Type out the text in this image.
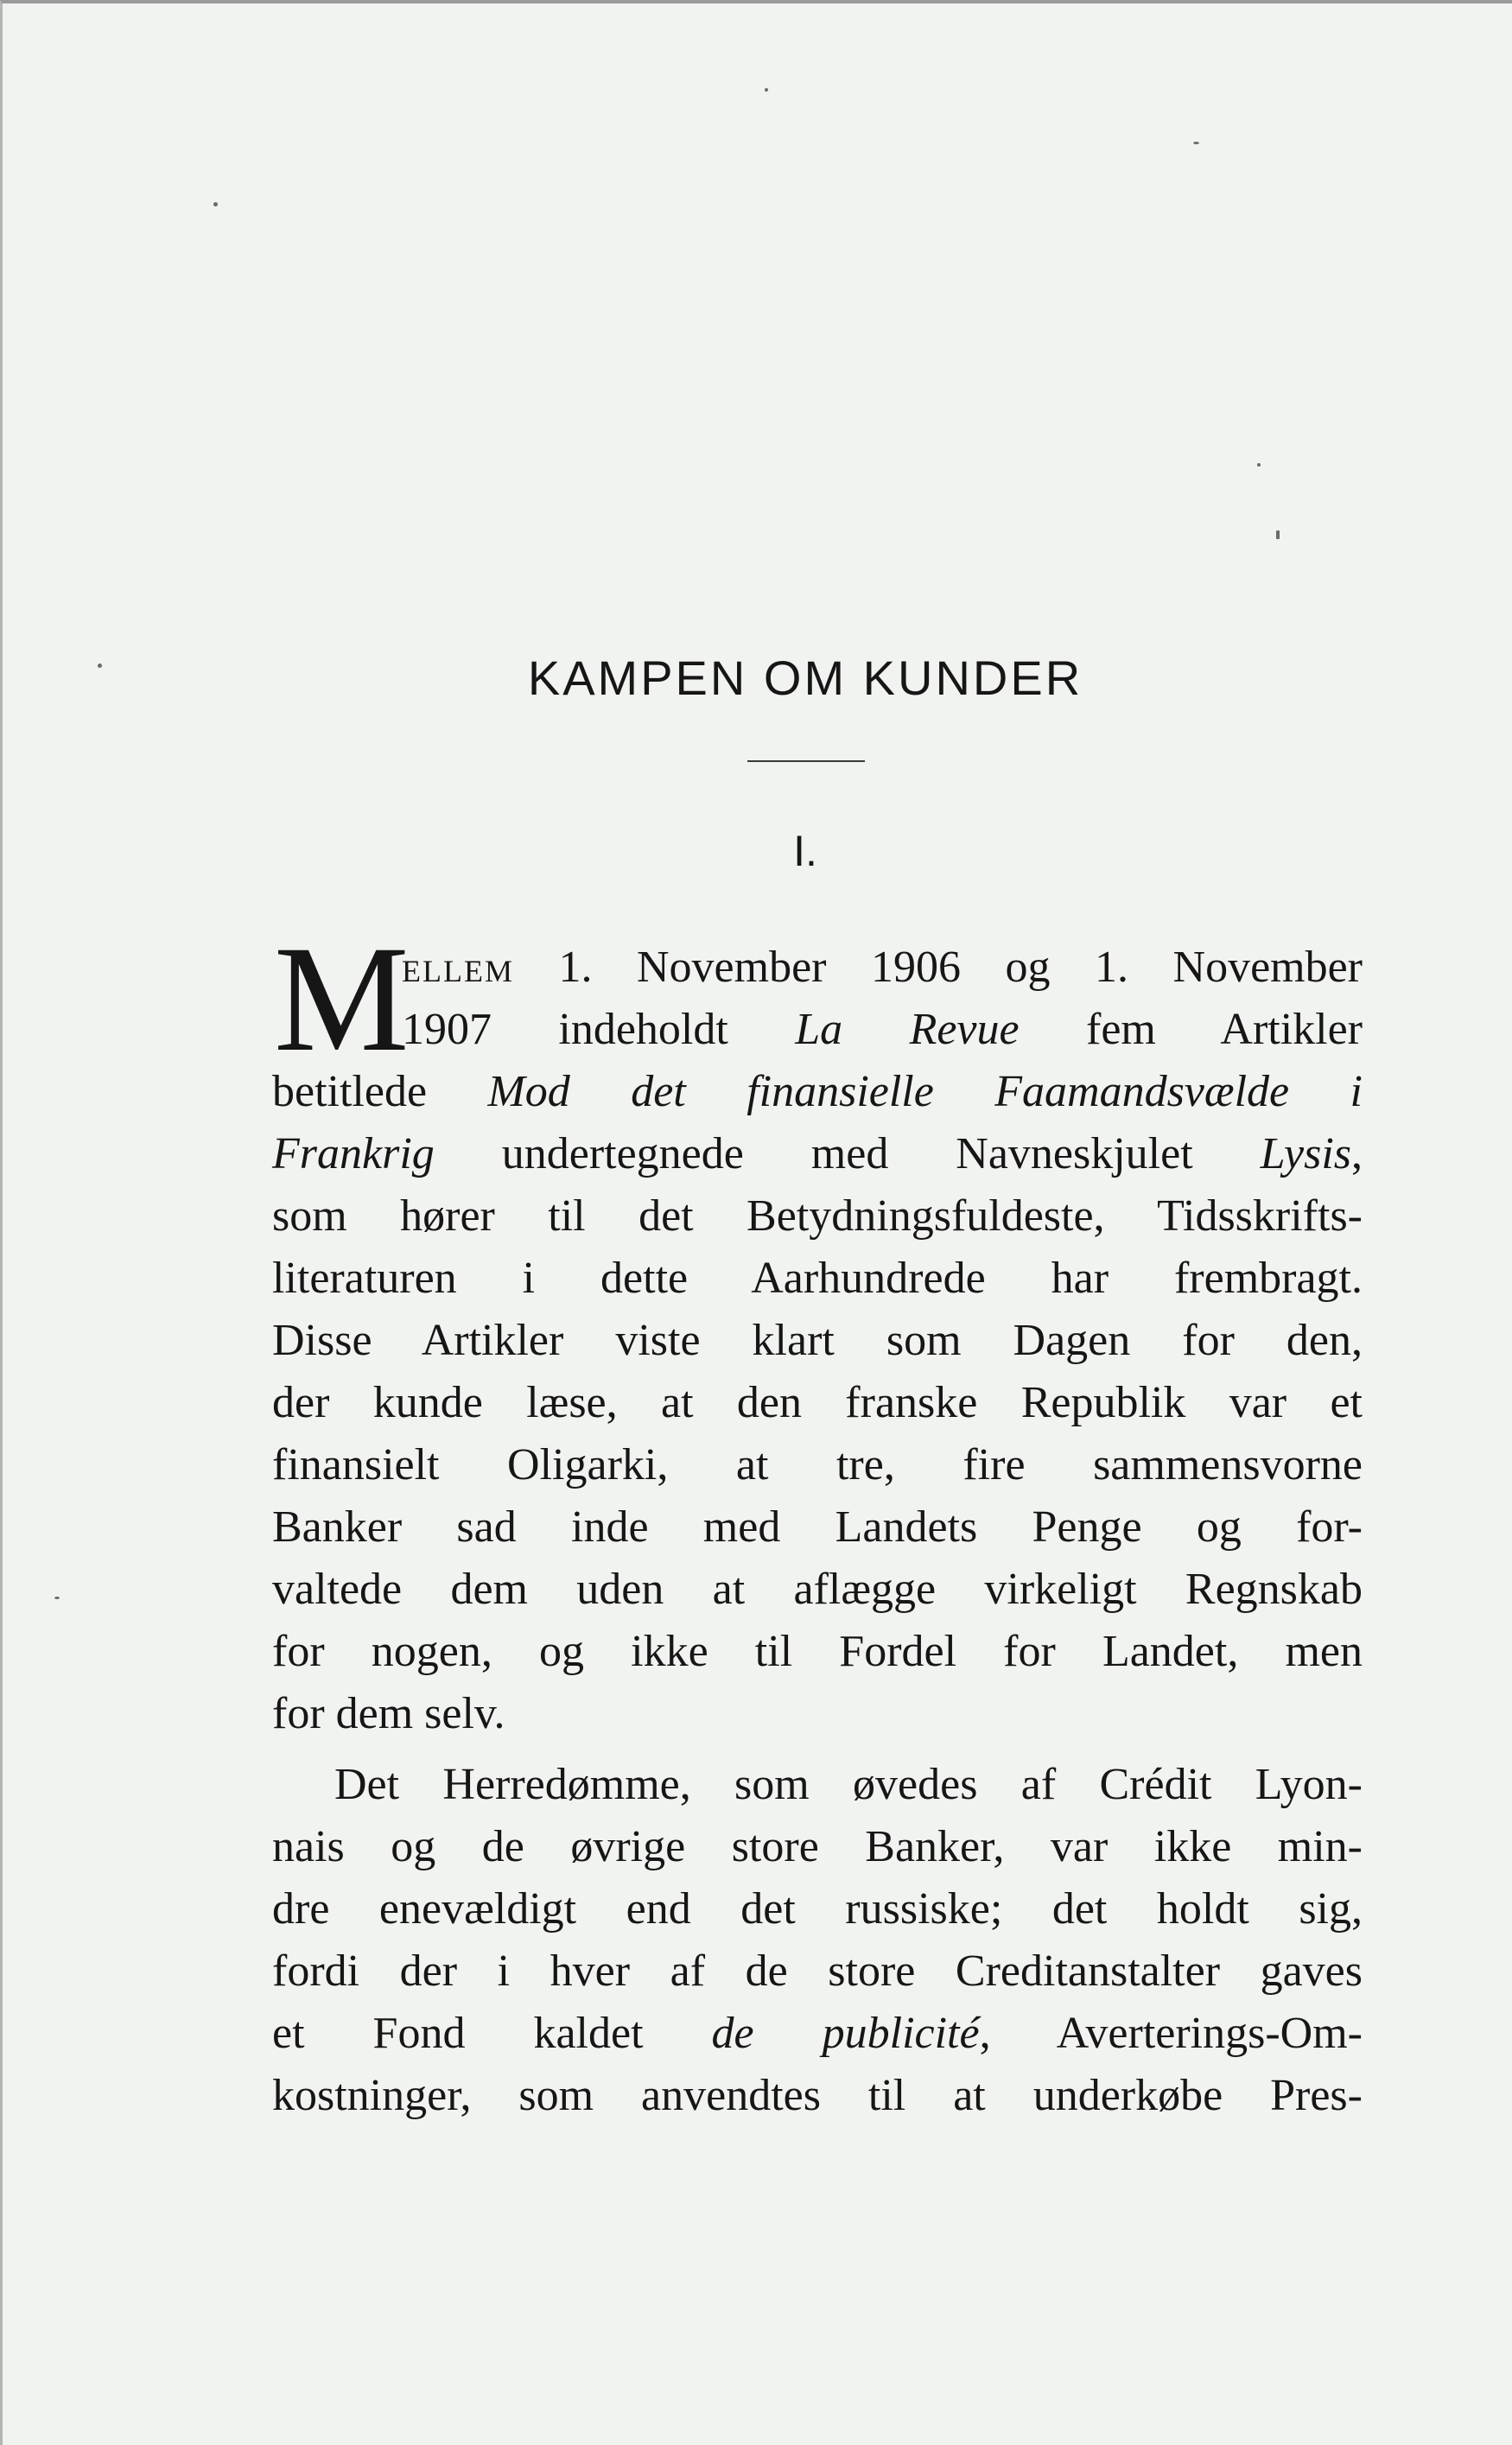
KAMPEN OM KUNDER
I.
M
ELLEM 1. November 1906 og 1. November
1907 indeholdt La Revue fem Artikler
betitlede Mod det finansielle Faamandsvælde i
Frankrig undertegnede med Navneskjulet Lysis,
som hører til det Betydningsfuldeste, Tidsskrifts-
literaturen i dette Aarhundrede har frembragt.
Disse Artikler viste klart som Dagen for den,
der kunde læse, at den franske Republik var et
finansielt Oligarki, at tre, fire sammensvorne
Banker sad inde med Landets Penge og for-
valtede dem uden at aflægge virkeligt Regnskab
for nogen, og ikke til Fordel for Landet, men
for dem selv.
Det Herredømme, som øvedes af Crédit Lyon-
nais og de øvrige store Banker, var ikke min-
dre enevældigt end det russiske; det holdt sig,
fordi der i hver af de store Creditanstalter gaves
et Fond kaldet de publicité, Averterings-Om-
kostninger, som anvendtes til at underkøbe Pres-
